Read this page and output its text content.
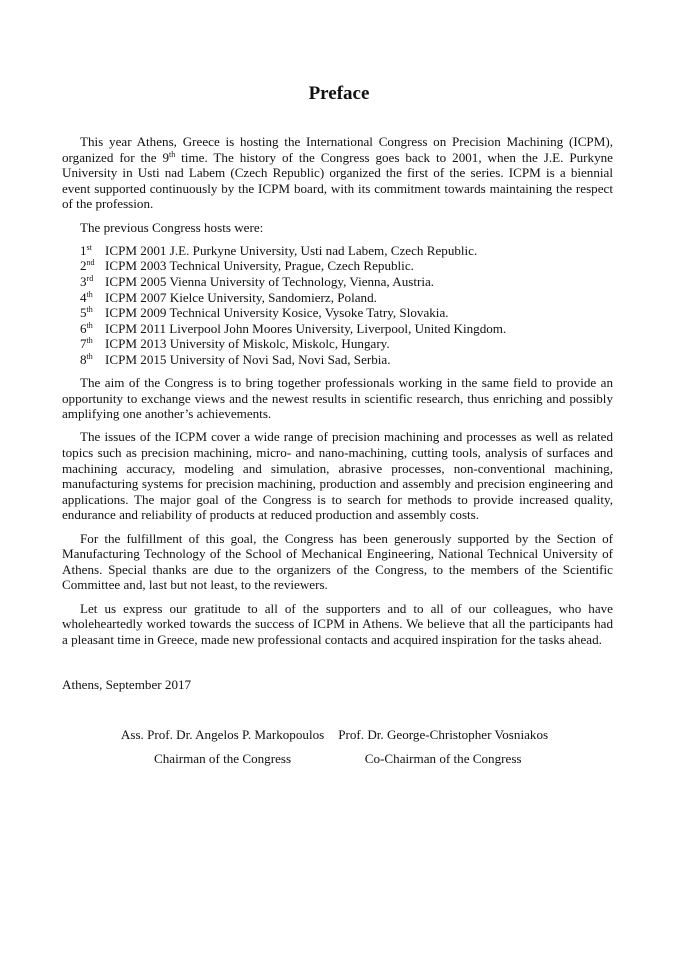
Preface
This year Athens, Greece is hosting the International Congress on Precision Machining (ICPM), organized for the 9th time. The history of the Congress goes back to 2001, when the J.E. Purkyne University in Usti nad Labem (Czech Republic) organized the first of the series. ICPM is a biennial event supported continuously by the ICPM board, with its commitment towards maintaining the respect of the profession.
The previous Congress hosts were:
1st	ICPM 2001 J.E. Purkyne University, Usti nad Labem, Czech Republic.
2nd ICPM 2003 Technical University, Prague, Czech Republic.
3rd ICPM 2005 Vienna University of Technology, Vienna, Austria.
4th ICPM 2007 Kielce University, Sandomierz, Poland.
5th ICPM 2009 Technical University Kosice, Vysoke Tatry, Slovakia.
6th ICPM 2011 Liverpool John Moores University, Liverpool, United Kingdom.
7th ICPM 2013 University of Miskolc, Miskolc, Hungary.
8th ICPM 2015 University of Novi Sad, Novi Sad, Serbia.
The aim of the Congress is to bring together professionals working in the same field to provide an opportunity to exchange views and the newest results in scientific research, thus enriching and possibly amplifying one another’s achievements.
The issues of the ICPM cover a wide range of precision machining and processes as well as related topics such as precision machining, micro- and nano-machining, cutting tools, analysis of surfaces and machining accuracy, modeling and simulation, abrasive processes, non-conventional machining, manufacturing systems for precision machining, production and assembly and precision engineering and applications. The major goal of the Congress is to search for methods to provide increased quality, endurance and reliability of products at reduced production and assembly costs.
For the fulfillment of this goal, the Congress has been generously supported by the Section of Manufacturing Technology of the School of Mechanical Engineering, National Technical University of Athens. Special thanks are due to the organizers of the Congress, to the members of the Scientific Committee and, last but not least, to the reviewers.
Let us express our gratitude to all of the supporters and to all of our colleagues, who have wholeheartedly worked towards the success of ICPM in Athens. We believe that all the participants had a pleasant time in Greece, made new professional contacts and acquired inspiration for the tasks ahead.
Athens, September 2017
Ass. Prof. Dr. Angelos P. Markopoulos
Chairman of the Congress
Prof. Dr. George-Christopher Vosniakos
Co-Chairman of the Congress
